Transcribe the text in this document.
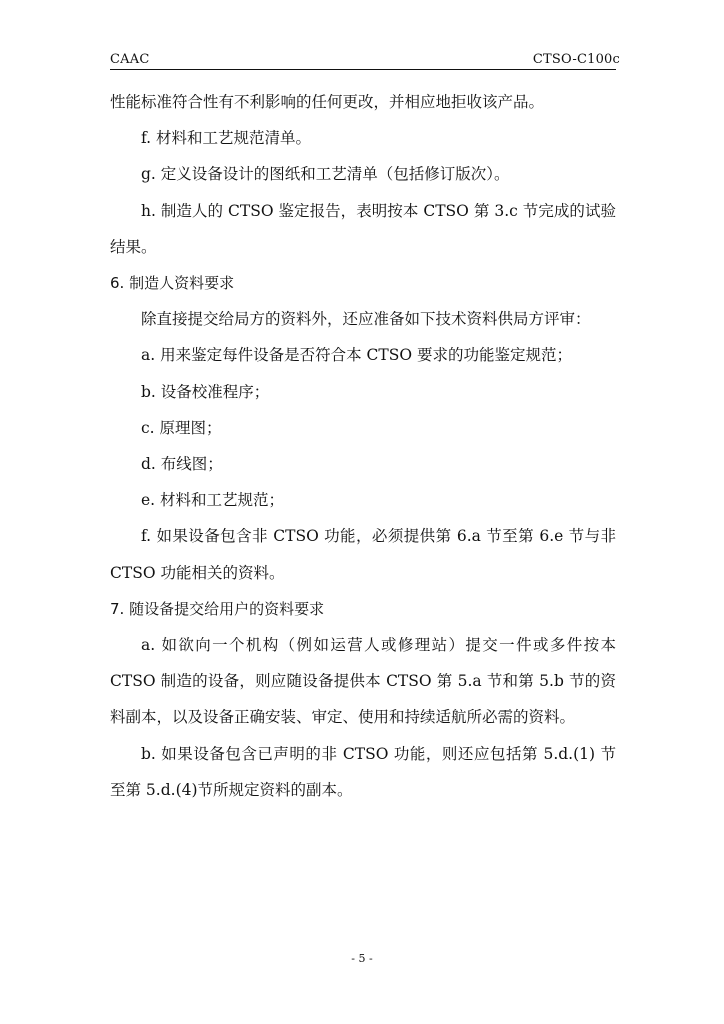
CAAC	CTSO-C100c

性能标准符合性有不利影响的任何更改，并相应地拒收该产品。

f. 材料和工艺规范清单。

g. 定义设备设计的图纸和工艺清单（包括修订版次）。

h. 制造人的 CTSO 鉴定报告，表明按本 CTSO 第 3.c 节完成的试验结果。

6. 制造人资料要求

除直接提交给局方的资料外，还应准备如下技术资料供局方评审：

a. 用来鉴定每件设备是否符合本 CTSO 要求的功能鉴定规范；

b. 设备校准程序；

c. 原理图；

d. 布线图；

e. 材料和工艺规范；

f. 如果设备包含非 CTSO 功能，必须提供第 6.a 节至第 6.e 节与非 CTSO 功能相关的资料。

7. 随设备提交给用户的资料要求

a. 如欲向一个机构（例如运营人或修理站）提交一件或多件按本 CTSO 制造的设备，则应随设备提供本 CTSO 第 5.a 节和第 5.b 节的资料副本，以及设备正确安装、审定、使用和持续适航所必需的资料。

b. 如果设备包含已声明的非 CTSO 功能，则还应包括第 5.d.(1) 节至第 5.d.(4)节所规定资料的副本。

- 5 -
